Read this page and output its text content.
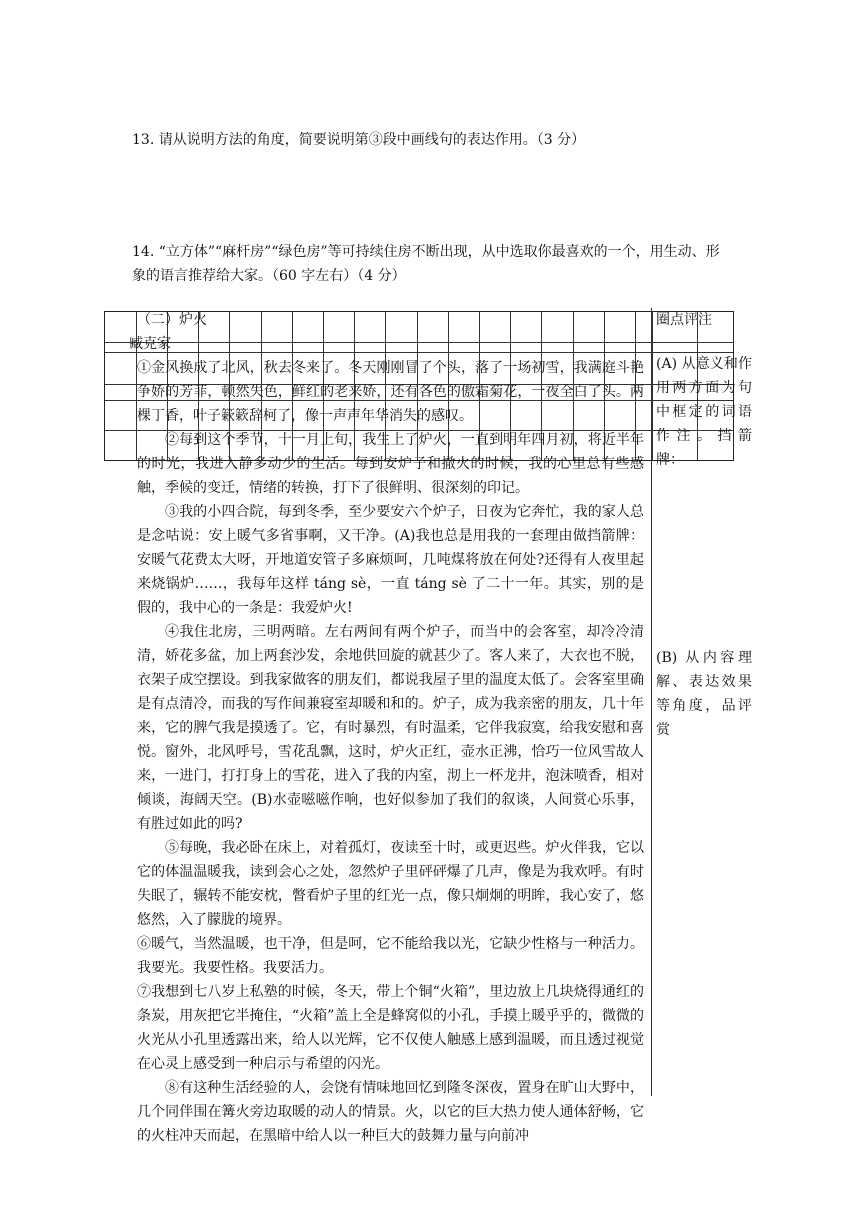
13. 请从说明方法的角度，简要说明第③段中画线句的表达作用。（3 分）

14. “立方体”“麻杆房”“绿色房”等可持续住房不断出现，从中选取你最喜欢的一个，用生动、形象的语言推荐给大家。（60 字左右）（4 分）

（二）炉火

臧克家

①金风换成了北风，秋去冬来了。冬天刚刚冒了个头，落了一场初雪，我满庭斗艳争娇的芳菲，顿然失色，鲜红的老来娇，还有各色的傲霜菊花，一夜全白了头。两棵丁香，叶子簌簌辞柯了，像一声声年华消失的感叹。

②每到这个季节，十一月上旬，我生上了炉火，一直到明年四月初，将近半年的时光，我进入静多动少的生活。每到安炉子和撤火的时候，我的心里总有些感触，季候的变迁，情绪的转换，打下了很鲜明、很深刻的印记。

③我的小四合院，每到冬季，至少要安六个炉子，日夜为它奔忙，我的家人总是念咕说：安上暖气多省事啊，又干净。(A)我也总是用我的一套理由做挡箭牌：安暖气花费太大呀，开地道安管子多麻烦呵，几吨煤将放在何处?还得有人夜里起来烧锅炉……，我每年这样 táng sè，一直 táng sè 了二十一年。其实，别的是假的，我中心的一条是：我爱炉火!

④我住北房，三明两暗。左右两间有两个炉子，而当中的会客室，却冷冷清清，娇花多盆，加上两套沙发，余地供回旋的就甚少了。客人来了，大衣也不脱，衣架子成空摆设。到我家做客的朋友们，都说我屋子里的温度太低了。会客室里确是有点清冷，而我的写作间兼寝室却暖和和的。炉子，成为我亲密的朋友，几十年来，它的脾气我是摸透了。它，有时暴烈，有时温柔，它伴我寂寞，给我安慰和喜悦。窗外，北风呼号，雪花乱飘，这时，炉火正红，壶水正沸，恰巧一位风雪故人来，一进门，打打身上的雪花，进入了我的内室，沏上一杯龙井，泡沫喷香，相对倾谈，海阔天空。(B)水壶嗞嗞作响，也好似参加了我们的叙谈，人间赏心乐事，有胜过如此的吗?

⑤每晚，我必卧在床上，对着孤灯，夜读至十时，或更迟些。炉火伴我，它以它的体温温暖我，读到会心之处，忽然炉子里砰砰爆了几声，像是为我欢呼。有时失眠了，辗转不能安枕，瞥看炉子里的红光一点，像只炯炯的明眸，我心安了，悠悠然，入了朦胧的境界。

⑥暖气，当然温暖，也干净，但是呵，它不能给我以光，它缺少性格与一种活力。我要光。我要性格。我要活力。

⑦我想到七八岁上私塾的时候，冬天，带上个铜“火箱”，里边放上几块烧得通红的条炭，用灰把它半掩住，“火箱”盖上全是蜂窝似的小孔，手摸上暖乎乎的，微微的火光从小孔里透露出来，给人以光辉，它不仅使人触感上感到温暖，而且透过视觉在心灵上感受到一种启示与希望的闪光。

⑧有这种生活经验的人，会饶有情味地回忆到隆冬深夜，置身在旷山大野中，几个同伴围在篝火旁边取暖的动人的情景。火，以它的巨大热力使人通体舒畅，它的火柱冲天而起，在黑暗中给人以一种巨大的鼓舞力量与向前冲

圈点评注
(A) 从意义和作用两方面为句中框定的词语作注。挡箭牌：
(B) 从内容理解、表达效果等角度，品评赏
